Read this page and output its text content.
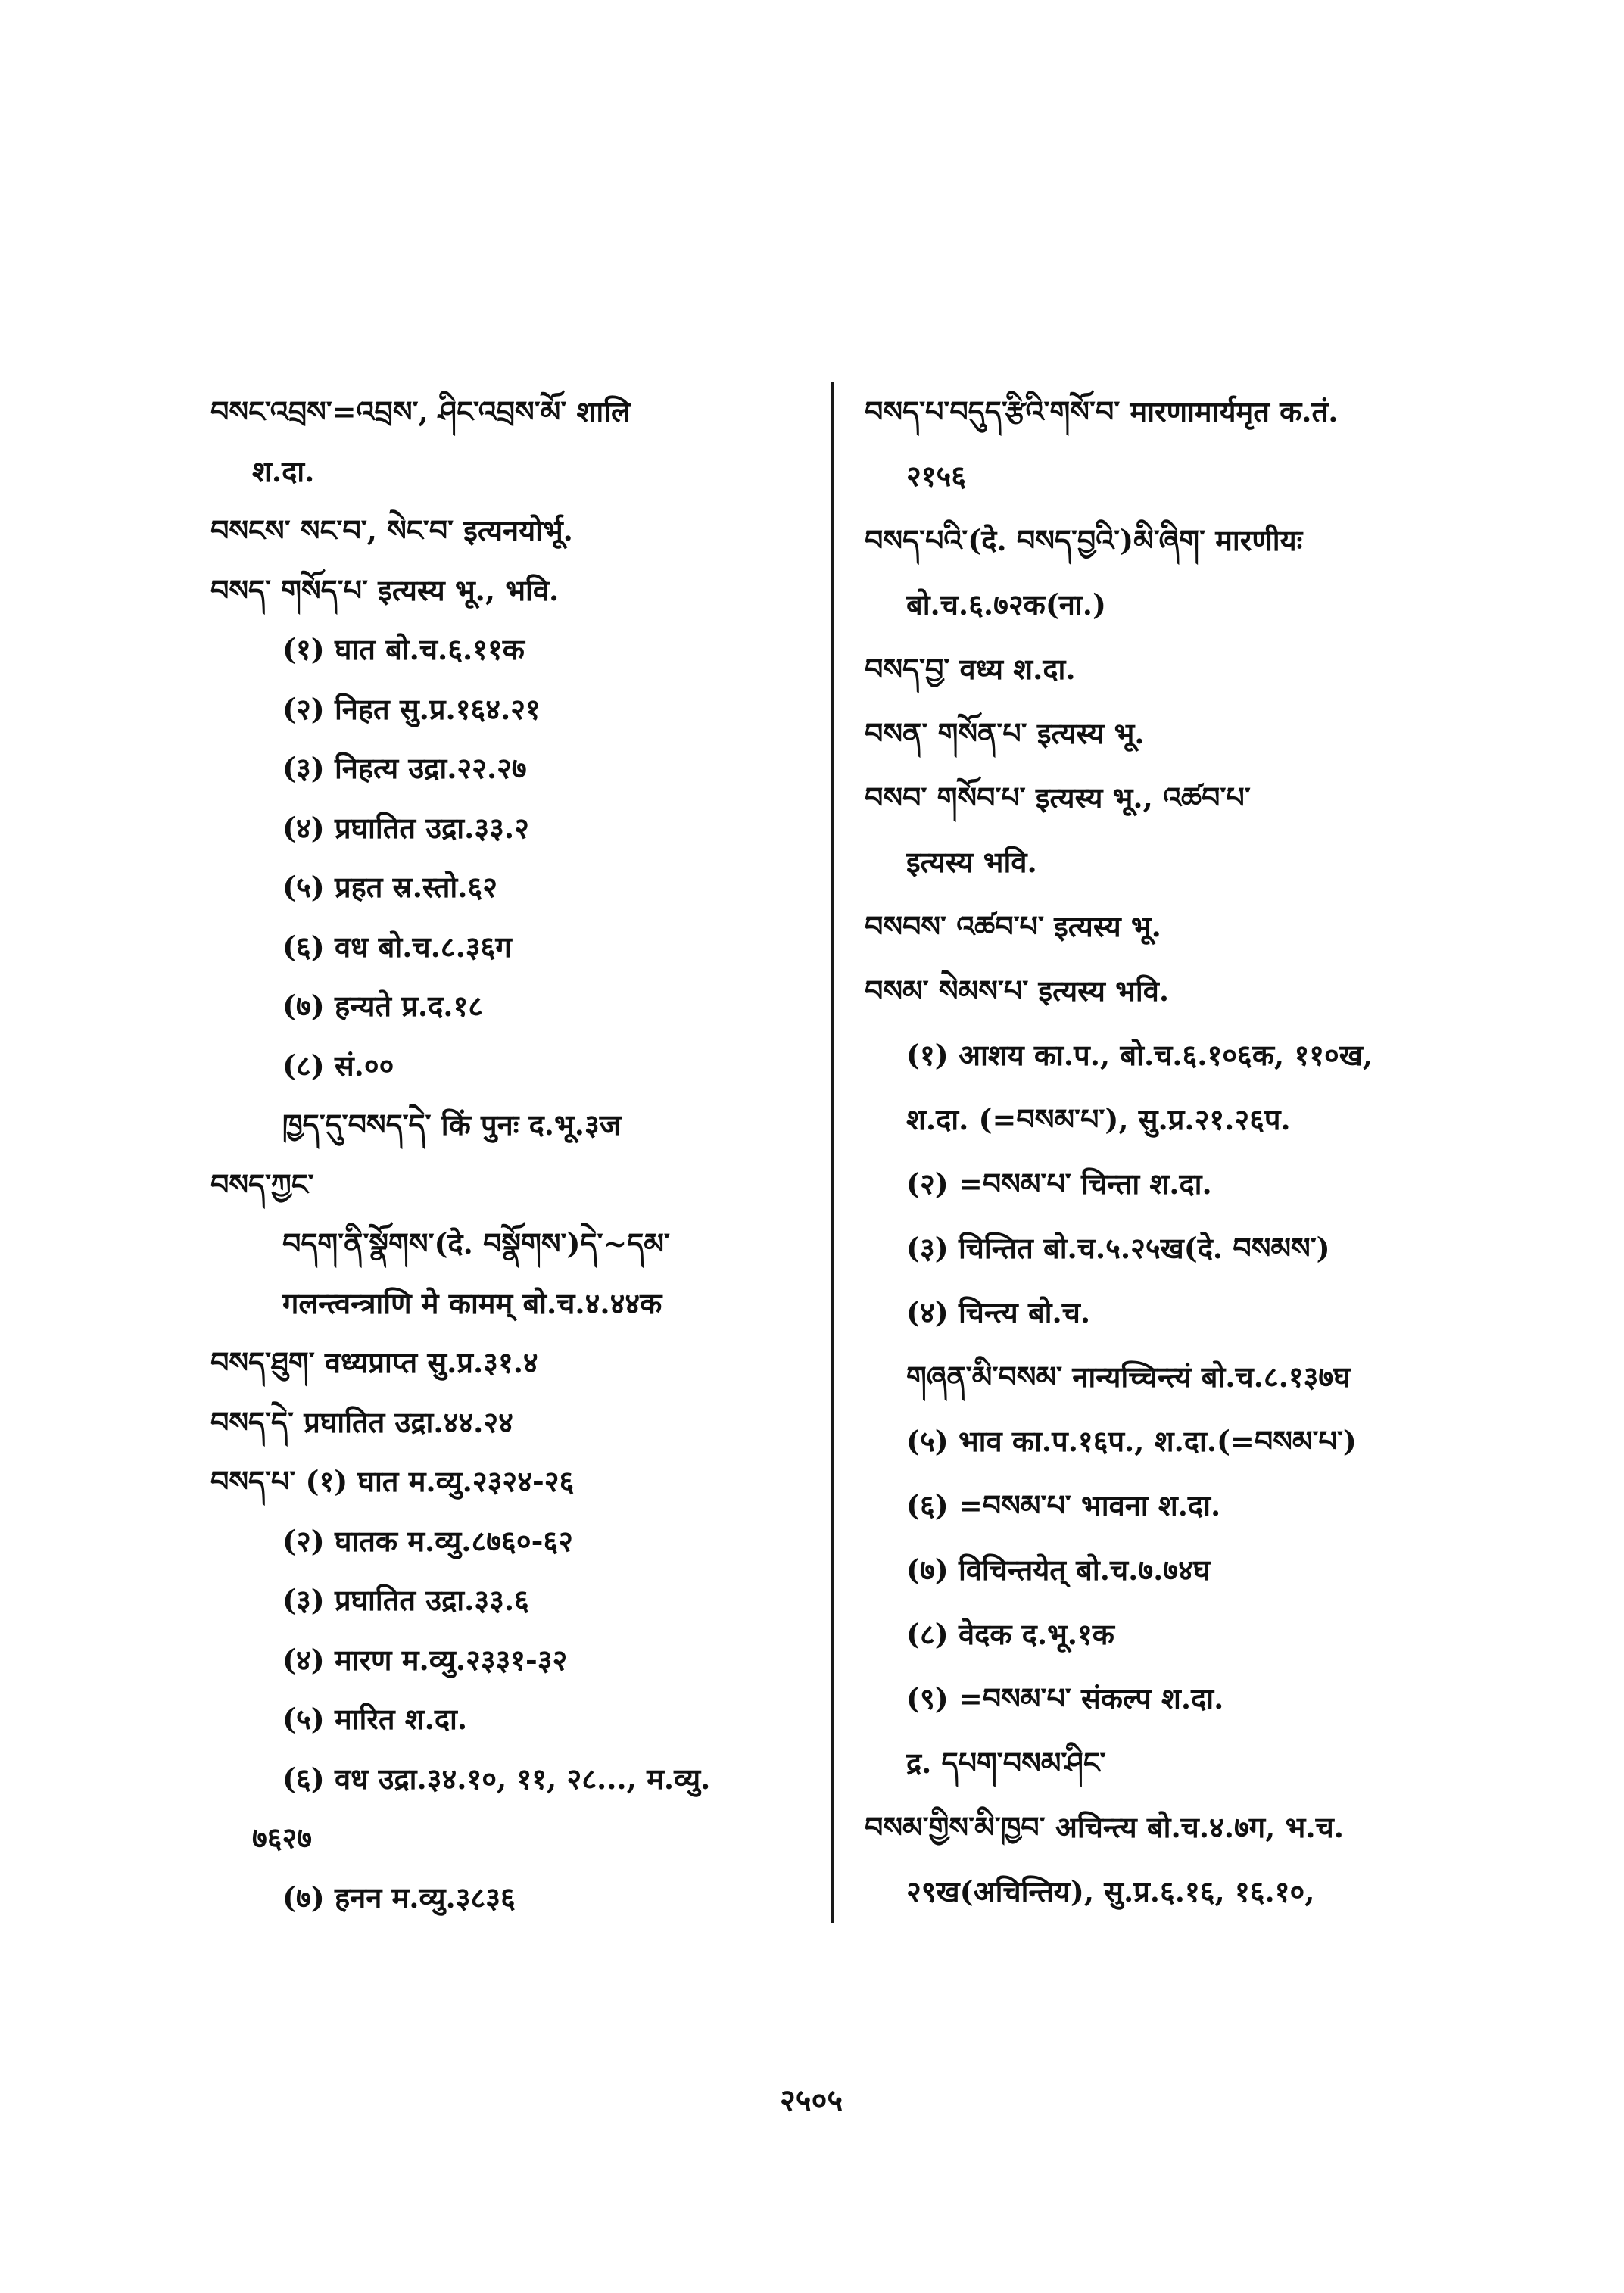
བསང་འབྲས་=འབྲས་, ཤིང་འབྲས་མོ་ शालि
श.दा.
བསངས་ སང་བ་, སེང་བ་ इत्यनयोर्भू.
བསད་ གསོད་པ་ इत्यस्य भू., भवि.
(१) घात बो.च.६.११क
(२) निहत सु.प्र.१६४.२१
(३) निहत्य उद्रा.२२.२७
(४) प्रघातित उद्रा.३३.२
(५) प्रहत स्र.स्तो.६२
(६) वध बो.च.८.३६ग
(७) हन्यते प्र.द.१८
(८) सं.००
ཁྱད་དུ་བསད་དེ་ किं पुनः द.भू.३ज
བསད་ཀྱང་
བདག་ནི་སྣོགས་(दे. བསྣོགས་)དེ་~དམ་
गलन्त्वन्त्राणि मे कामम् बो.च.४.४४क
བསད་ཐུག་ वध्यप्राप्त सु.प्र.३१.४
བསད་དེ་ प्रघातित उद्रा.४४.२४
བསད་པ་ (१) घात म.व्यु.२३२४-२६
(२) घातक म.व्यु.८७६०-६२
(३) प्रघातित उद्रा.३३.६
(४) मारण म.व्यु.२३३१-३२
(५) मारित श.दा.
(६) वध उद्रा.३४.१०, ११, २८..., म.व्यु.
७६२७
(७) हनन म.व्यु.३८३६
བསད་པ་བདུད་རྩིའི་གསོ་བ་ मारणामार्यमृत क.तं.
२१५६
བསད་པའི་(दे. བསད་བྱའི་)མི་ཞིག་ मारणीयः
बो.च.६.७२क(ना.)
བསད་བྱ་ वध्य श.दा.
བསན་ གསོན་པ་ इत्यस्य भू.
བསབ་ གསོབ་པ་ इत्यस्य भू., འཚབ་པ་
इत्यस्य भवि.
བསབས་ འཚབ་པ་ इत्यस्य भू.
བསམ་ སེམས་པ་ इत्यस्य भवि.
(१) आशय का.प., बो.च.६.१०६क, ११०ख,
श.दा. (=བསམ་པ་), सु.प्र.२१.२६प.
(२) =བསམ་པ་ चिन्ता श.दा.
(३) चिन्तित बो.च.५.२५ख(दे. བསམས་)
(४) चिन्त्य बो.च.
གཞན་མི་བསམ་ नान्यच्चिन्त्यं बो.च.८.१३७घ
(५) भाव का.प.१६प., श.दा.(=བསམ་པ་)
(६) =བསམ་པ་ भावना श.दा.
(७) विचिन्तयेत् बो.च.७.७४घ
(८) वेदक द.भू.१क
(९) =བསམ་པ་ संकल्प श.दा.
द्र. དཔག་བསམ་ཤིང་
བསམ་གྱིས་མི་ཁྱབ་ अचिन्त्य बो.च.४.७ग, भ.च.
२९ख(अचिन्तिय), सु.प्र.६.१६, १६.१०,
२५०५
